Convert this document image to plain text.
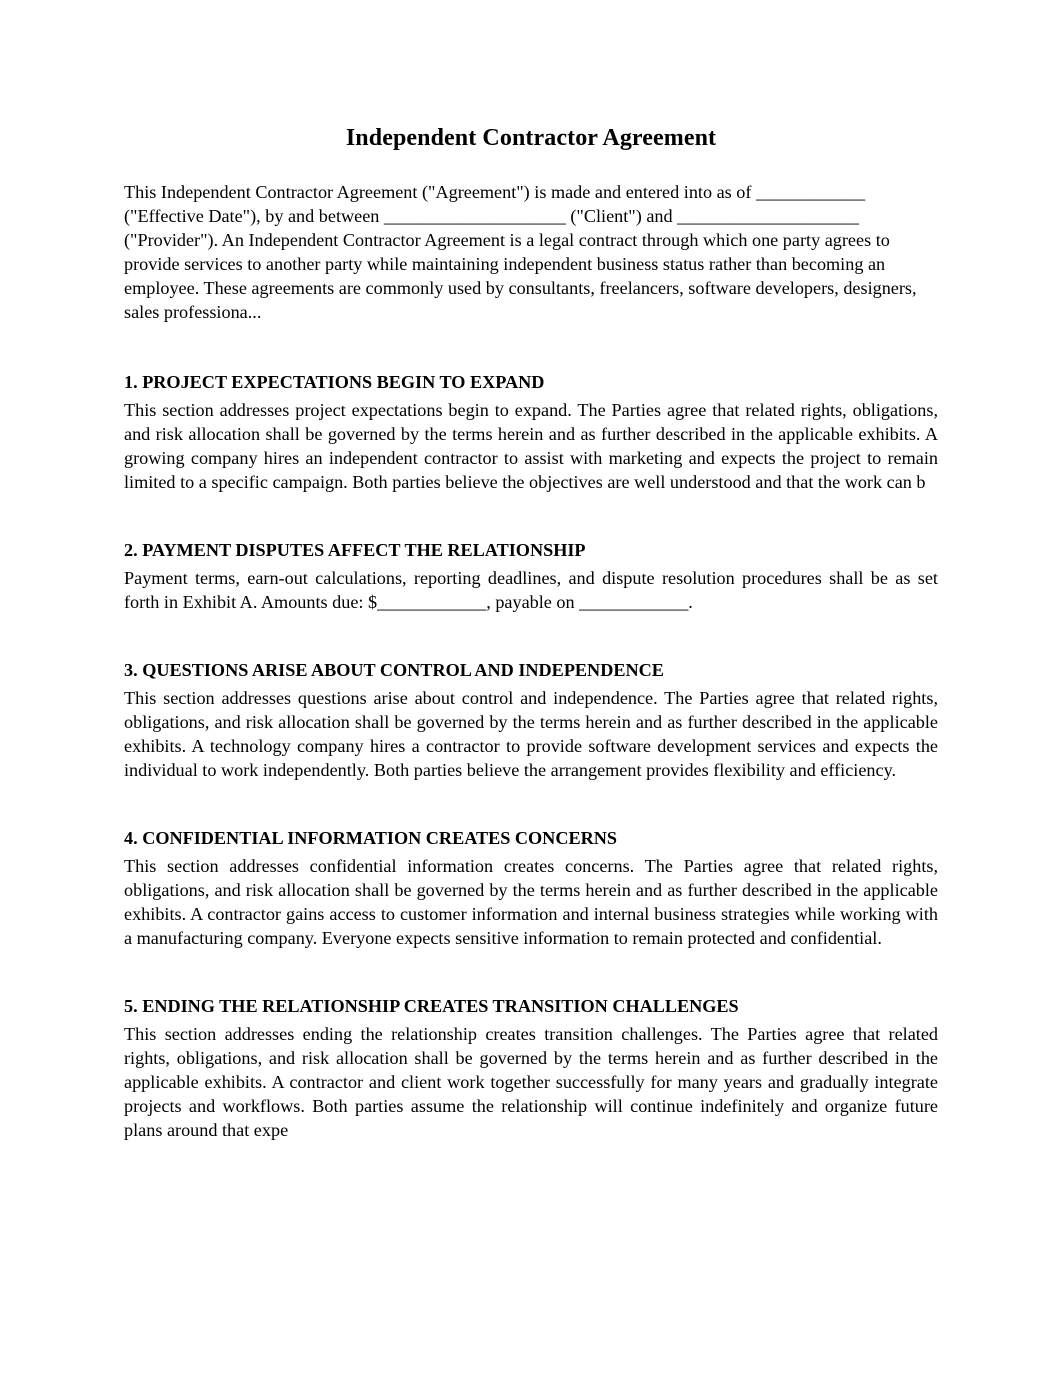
Independent Contractor Agreement

This Independent Contractor Agreement ("Agreement") is made and entered into as of ____________ ("Effective Date"), by and between ____________________ ("Client") and ____________________ ("Provider"). An Independent Contractor Agreement is a legal contract through which one party agrees to provide services to another party while maintaining independent business status rather than becoming an employee. These agreements are commonly used by consultants, freelancers, software developers, designers, sales professiona...

1. PROJECT EXPECTATIONS BEGIN TO EXPAND

This section addresses project expectations begin to expand. The Parties agree that related rights, obligations, and risk allocation shall be governed by the terms herein and as further described in the applicable exhibits. A growing company hires an independent contractor to assist with marketing and expects the project to remain limited to a specific campaign. Both parties believe the objectives are well understood and that the work can b

2. PAYMENT DISPUTES AFFECT THE RELATIONSHIP

Payment terms, earn-out calculations, reporting deadlines, and dispute resolution procedures shall be as set forth in Exhibit A. Amounts due: $____________, payable on ____________.

3. QUESTIONS ARISE ABOUT CONTROL AND INDEPENDENCE

This section addresses questions arise about control and independence. The Parties agree that related rights, obligations, and risk allocation shall be governed by the terms herein and as further described in the applicable exhibits. A technology company hires a contractor to provide software development services and expects the individual to work independently. Both parties believe the arrangement provides flexibility and efficiency.

4. CONFIDENTIAL INFORMATION CREATES CONCERNS

This section addresses confidential information creates concerns. The Parties agree that related rights, obligations, and risk allocation shall be governed by the terms herein and as further described in the applicable exhibits. A contractor gains access to customer information and internal business strategies while working with a manufacturing company. Everyone expects sensitive information to remain protected and confidential.

5. ENDING THE RELATIONSHIP CREATES TRANSITION CHALLENGES

This section addresses ending the relationship creates transition challenges. The Parties agree that related rights, obligations, and risk allocation shall be governed by the terms herein and as further described in the applicable exhibits. A contractor and client work together successfully for many years and gradually integrate projects and workflows. Both parties assume the relationship will continue indefinitely and organize future plans around that expe
